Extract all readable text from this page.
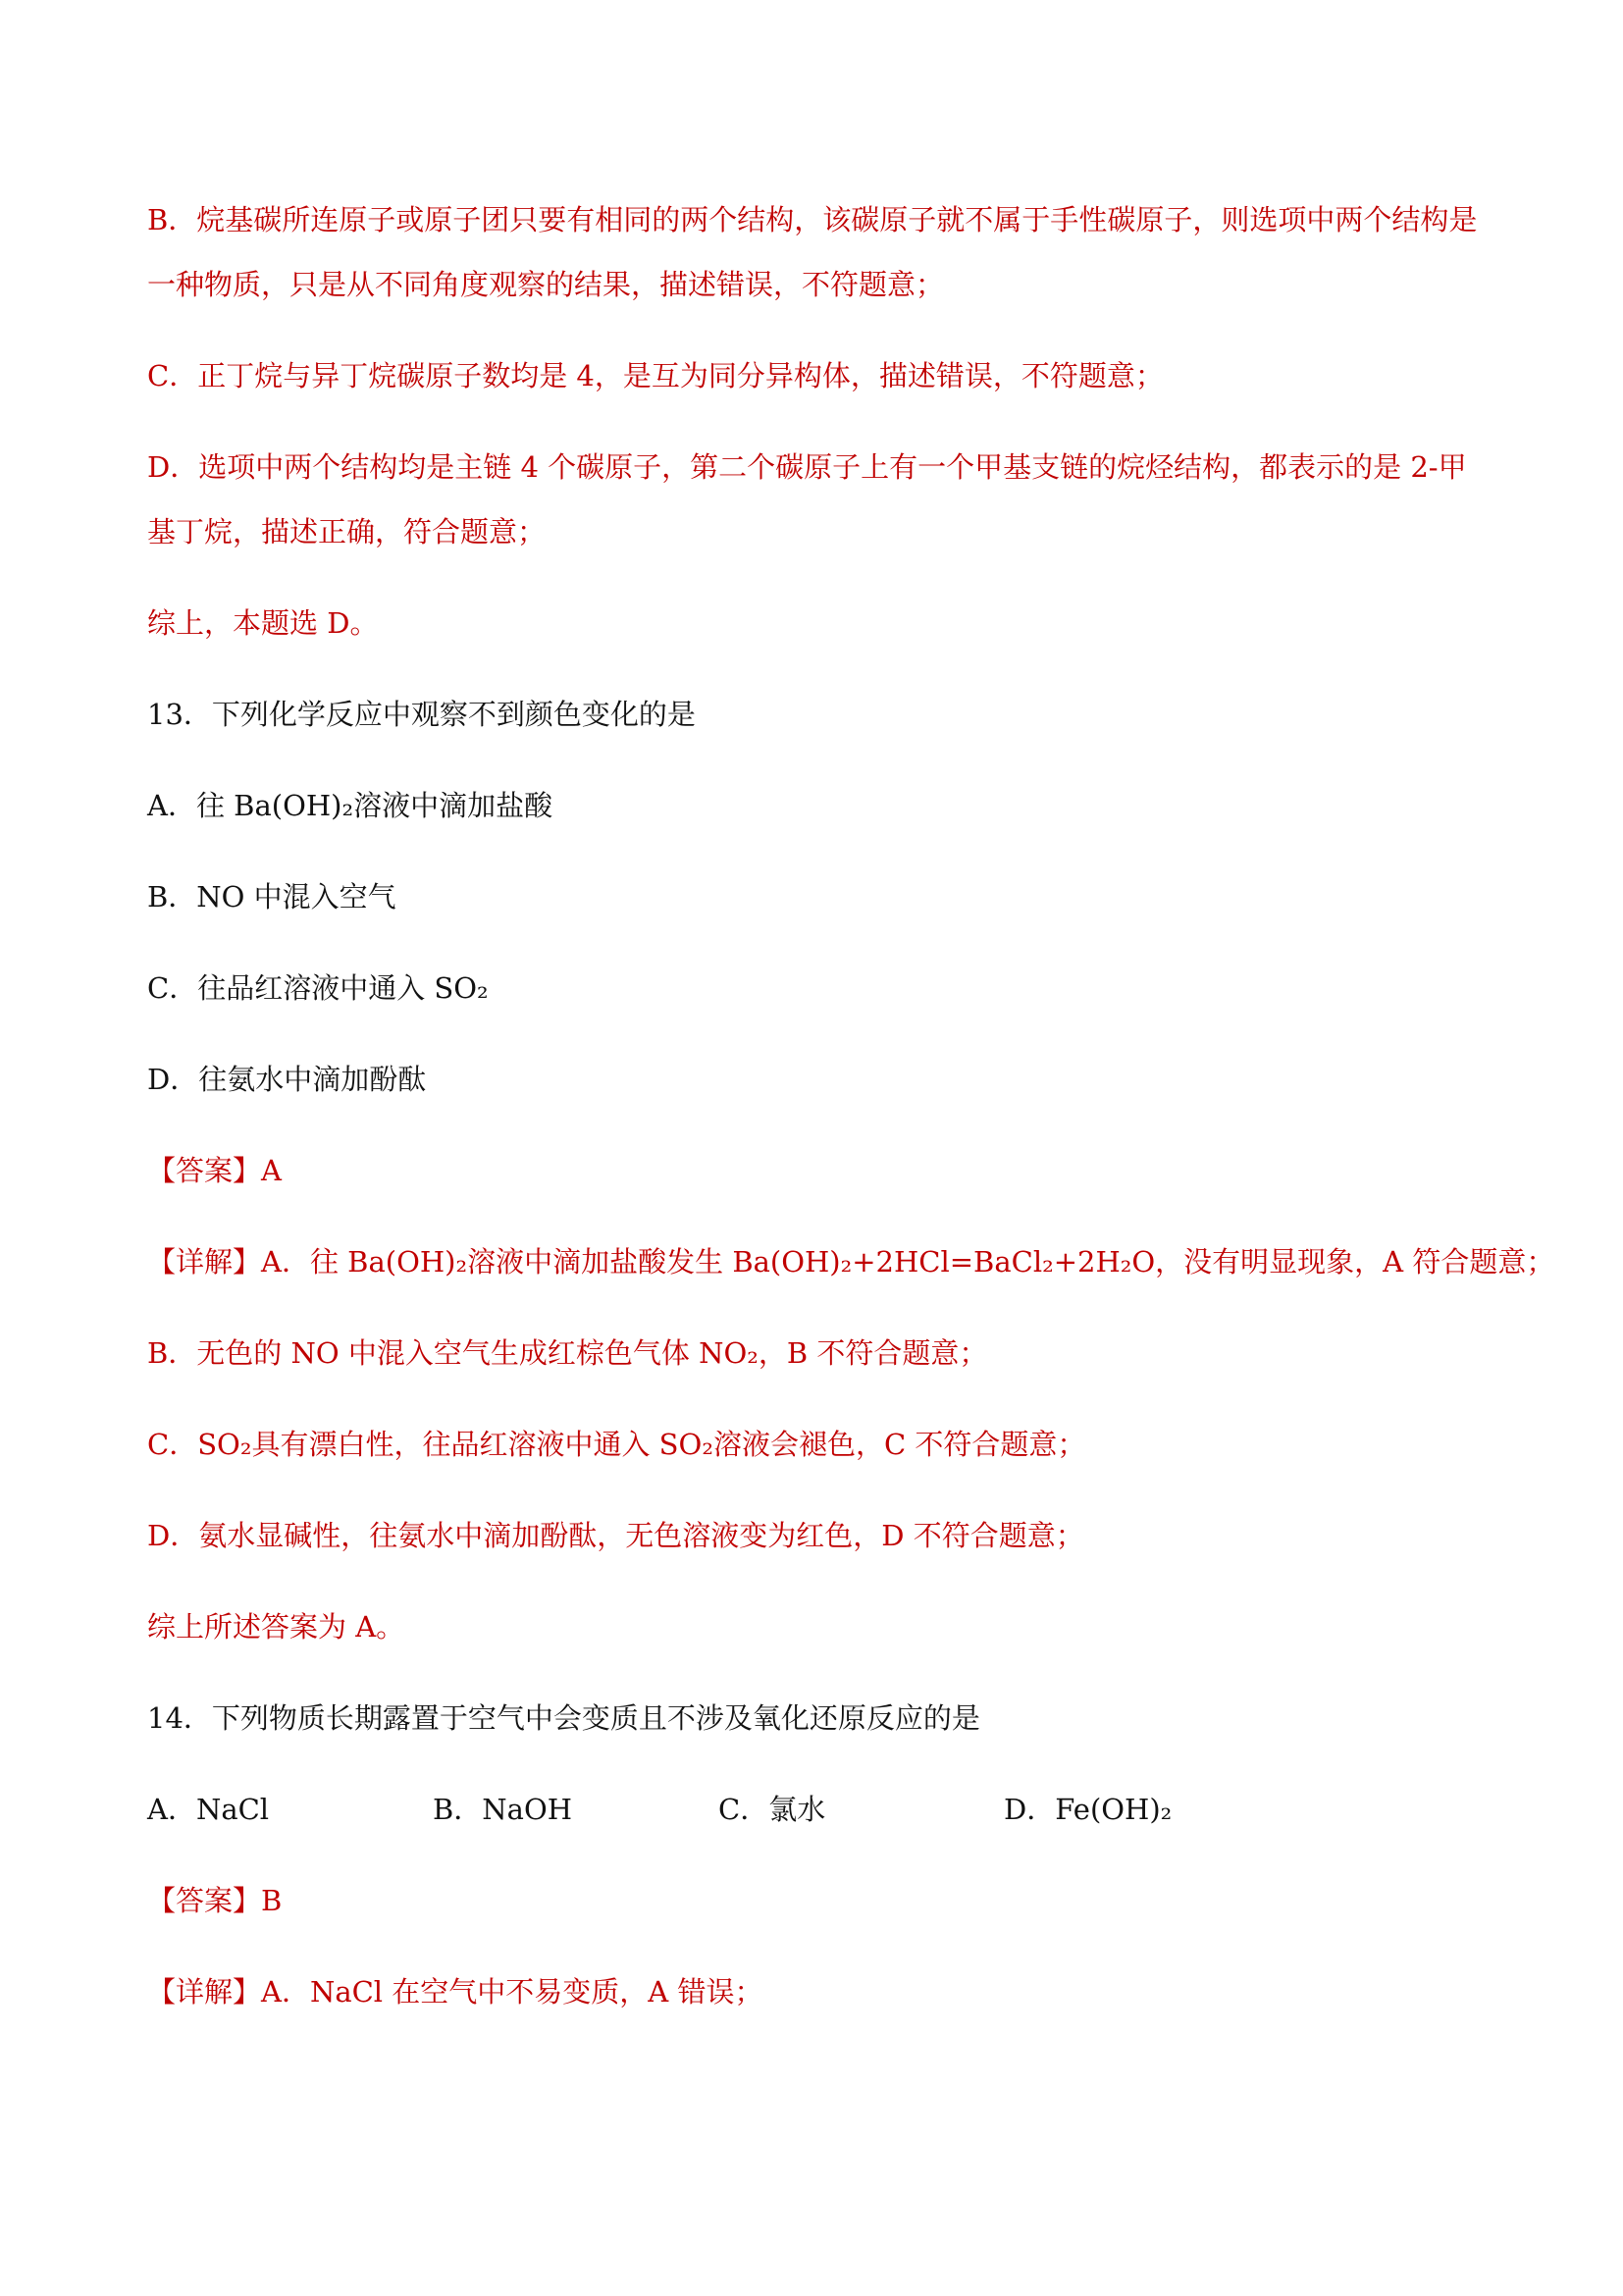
B．烷基碳所连原子或原子团只要有相同的两个结构，该碳原子就不属于手性碳原子，则选项中两个结构是

一种物质，只是从不同角度观察的结果，描述错误，不符题意；

C．正丁烷与异丁烷碳原子数均是 4，是互为同分异构体，描述错误，不符题意；

D．选项中两个结构均是主链 4 个碳原子，第二个碳原子上有一个甲基支链的烷烃结构，都表示的是 2-甲

基丁烷，描述正确，符合题意；

综上，本题选 D。

13．下列化学反应中观察不到颜色变化的是

A．往 Ba(OH)₂溶液中滴加盐酸

B．NO 中混入空气

C．往品红溶液中通入 SO₂

D．往氨水中滴加酚酞

【答案】A

【详解】A．往 Ba(OH)₂溶液中滴加盐酸发生 Ba(OH)₂+2HCl=BaCl₂+2H₂O，没有明显现象，A 符合题意；

B．无色的 NO 中混入空气生成红棕色气体 NO₂，B 不符合题意；

C．SO₂具有漂白性，往品红溶液中通入 SO₂溶液会褪色，C 不符合题意；

D．氨水显碱性，往氨水中滴加酚酞，无色溶液变为红色，D 不符合题意；

综上所述答案为 A。

14．下列物质长期露置于空气中会变质且不涉及氧化还原反应的是

A．NaCl	B．NaOH	C．氯水	D．Fe(OH)₂

【答案】B

【详解】A．NaCl 在空气中不易变质，A 错误；
